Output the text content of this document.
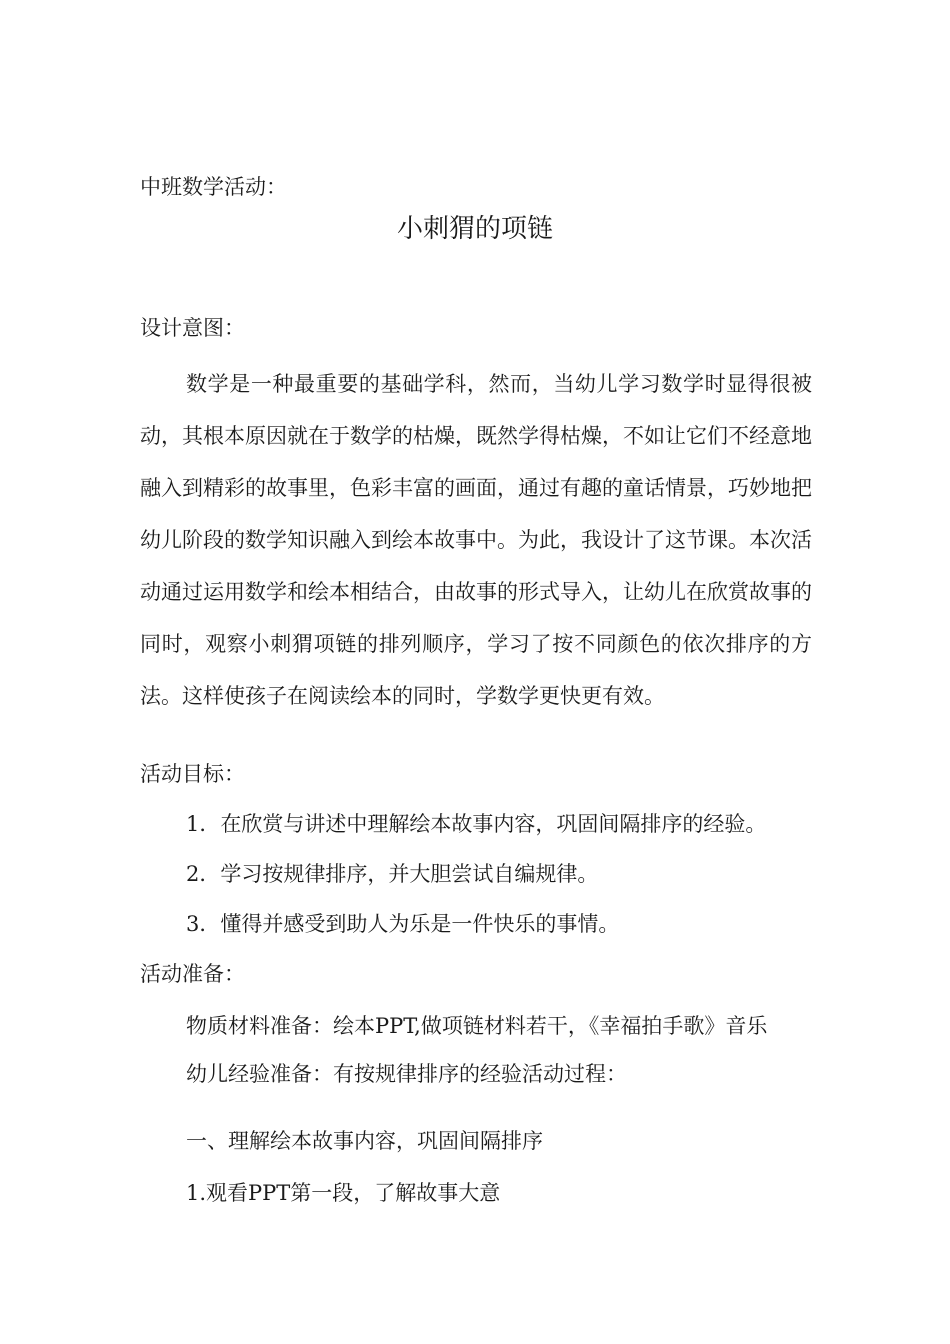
中班数学活动：
小刺猬的项链
设计意图：
数学是一种最重要的基础学科，然而，当幼儿学习数学时显得很被动，其根本原因就在于数学的枯燥，既然学得枯燥，不如让它们不经意地融入到精彩的故事里，色彩丰富的画面，通过有趣的童话情景，巧妙地把幼儿阶段的数学知识融入到绘本故事中。为此，我设计了这节课。本次活动通过运用数学和绘本相结合，由故事的形式导入，让幼儿在欣赏故事的同时，观察小刺猬项链的排列顺序，学习了按不同颜色的依次排序的方法。这样使孩子在阅读绘本的同时，学数学更快更有效。
活动目标：
1．在欣赏与讲述中理解绘本故事内容，巩固间隔排序的经验。
2．学习按规律排序，并大胆尝试自编规律。
3．懂得并感受到助人为乐是一件快乐的事情。
活动准备：
物质材料准备：绘本PPT,做项链材料若干，《幸福拍手歌》音乐
幼儿经验准备：有按规律排序的经验活动过程：
一、理解绘本故事内容，巩固间隔排序
1.观看PPT第一段，了解故事大意
